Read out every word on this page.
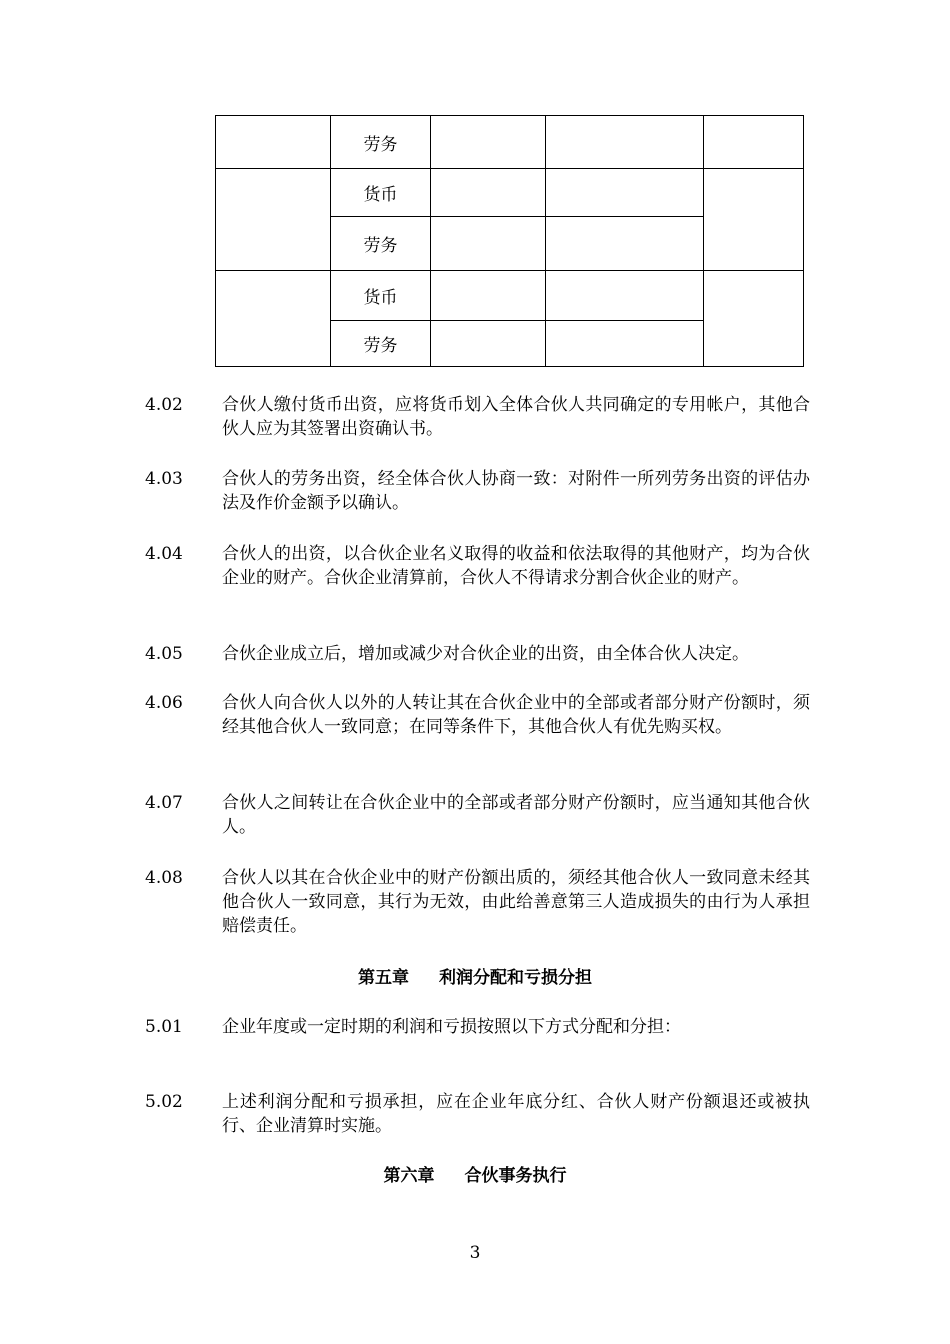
	劳务			
	货币			
	劳务			
	货币			
	劳务			
4.02	合伙人缴付货币出资，应将货币划入全体合伙人共同确定的专用帐户，其他合伙人应为其签署出资确认书。
4.03	合伙人的劳务出资，经全体合伙人协商一致：对附件一所列劳务出资的评估办法及作价金额予以确认。
4.04	合伙人的出资，以合伙企业名义取得的收益和依法取得的其他财产，均为合伙企业的财产。合伙企业清算前，合伙人不得请求分割合伙企业的财产。
4.05	合伙企业成立后，增加或减少对合伙企业的出资，由全体合伙人决定。
4.06	合伙人向合伙人以外的人转让其在合伙企业中的全部或者部分财产份额时，须经其他合伙人一致同意；在同等条件下，其他合伙人有优先购买权。
4.07	合伙人之间转让在合伙企业中的全部或者部分财产份额时，应当通知其他合伙人。
4.08	合伙人以其在合伙企业中的财产份额出质的，须经其他合伙人一致同意未经其他合伙人一致同意，其行为无效，由此给善意第三人造成损失的由行为人承担赔偿责任。
第五章 利润分配和亏损分担
5.01	企业年度或一定时期的利润和亏损按照以下方式分配和分担：
5.02	上述利润分配和亏损承担，应在企业年底分红、合伙人财产份额退还或被执行、企业清算时实施。
第六章 合伙事务执行
3
